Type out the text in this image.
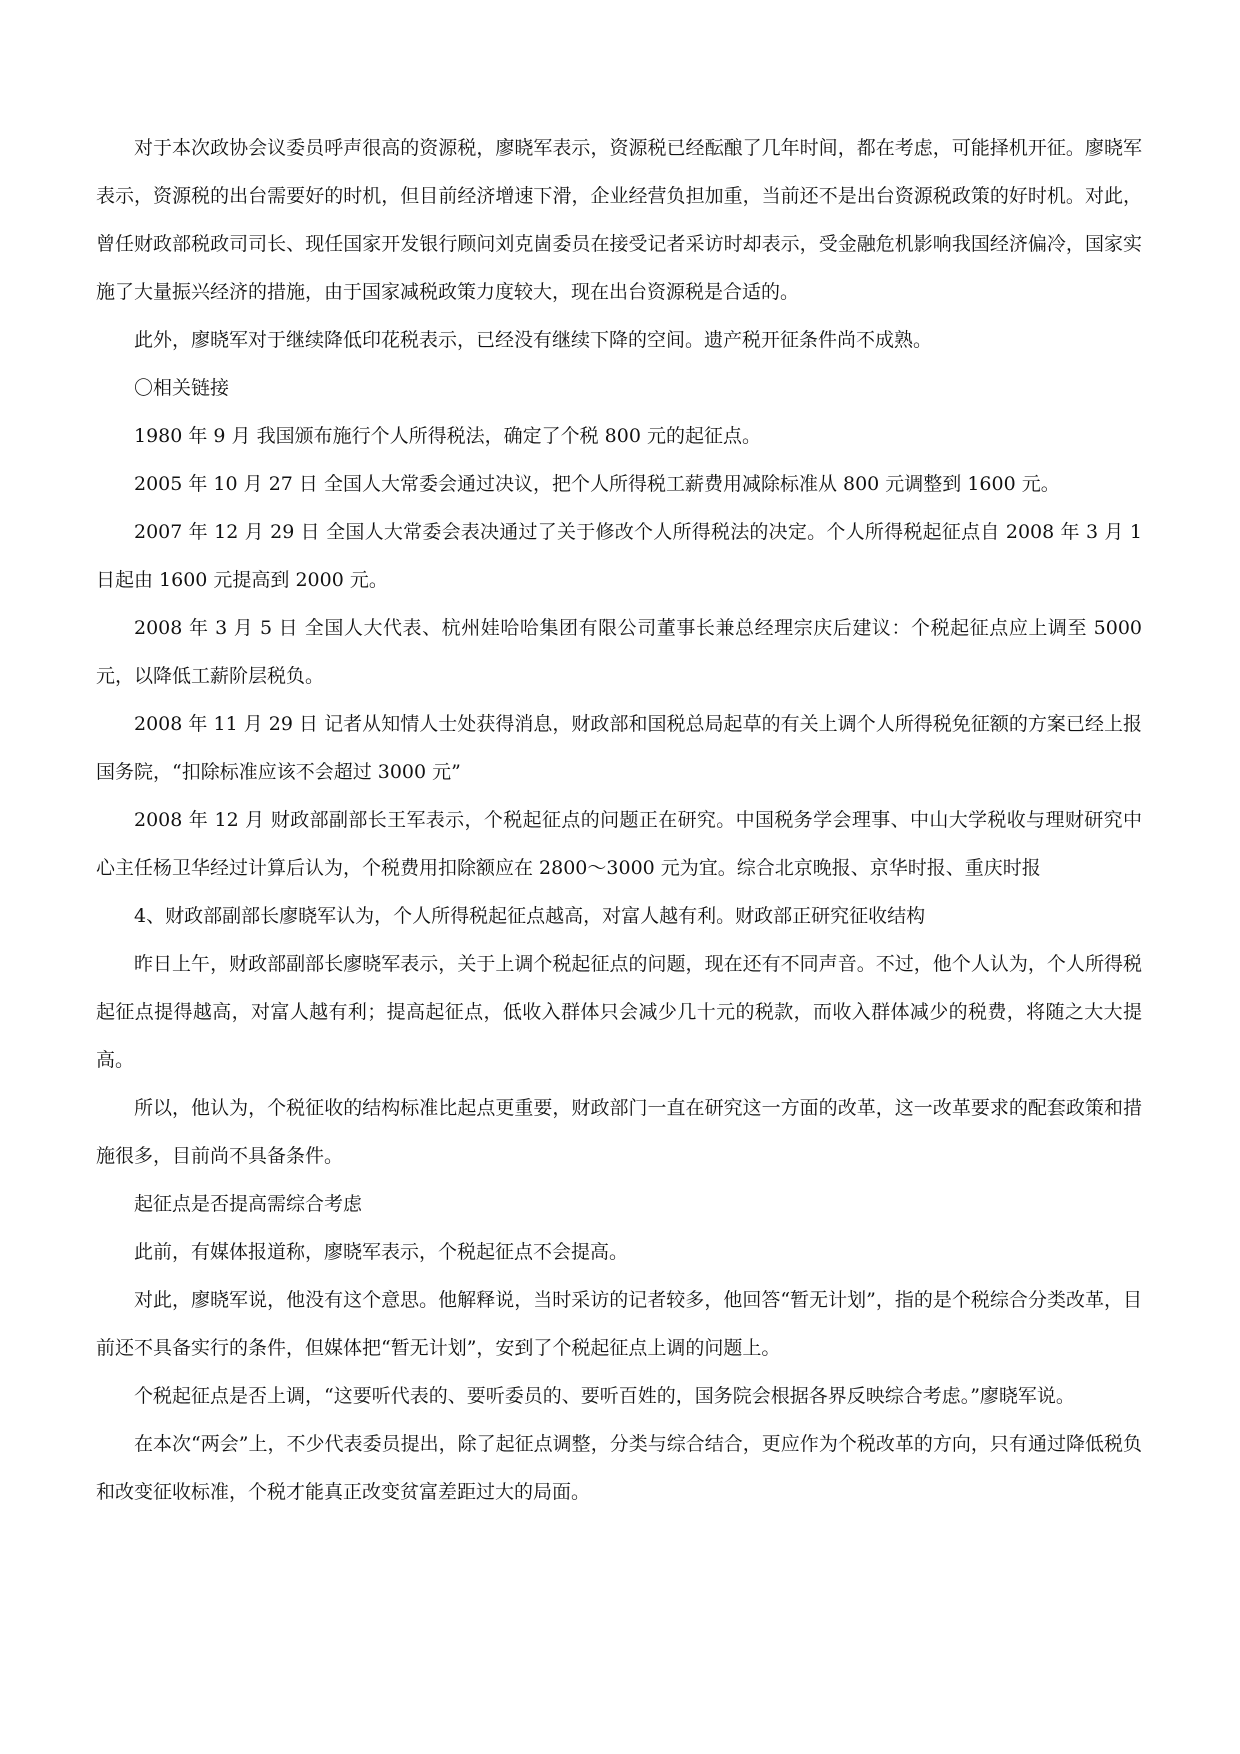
对于本次政协会议委员呼声很高的资源税，廖晓军表示，资源税已经酝酿了几年时间，都在考虑，可能择机开征。廖晓军表示，资源税的出台需要好的时机，但目前经济增速下滑，企业经营负担加重，当前还不是出台资源税政策的好时机。对此，曾任财政部税政司司长、现任国家开发银行顾问刘克崮委员在接受记者采访时却表示，受金融危机影响我国经济偏冷，国家实施了大量振兴经济的措施，由于国家减税政策力度较大，现在出台资源税是合适的。

此外，廖晓军对于继续降低印花税表示，已经没有继续下降的空间。遗产税开征条件尚不成熟。

〇相关链接

1980 年 9 月 我国颁布施行个人所得税法，确定了个税 800 元的起征点。

2005 年 10 月 27 日 全国人大常委会通过决议，把个人所得税工薪费用减除标准从 800 元调整到 1600 元。

2007 年 12 月 29 日 全国人大常委会表决通过了关于修改个人所得税法的决定。个人所得税起征点自 2008 年 3 月 1 日起由 1600 元提高到 2000 元。

2008 年 3 月 5 日 全国人大代表、杭州娃哈哈集团有限公司董事长兼总经理宗庆后建议：个税起征点应上调至 5000 元，以降低工薪阶层税负。

2008 年 11 月 29 日 记者从知情人士处获得消息，财政部和国税总局起草的有关上调个人所得税免征额的方案已经上报国务院，“扣除标准应该不会超过 3000 元”

2008 年 12 月 财政部副部长王军表示，个税起征点的问题正在研究。中国税务学会理事、中山大学税收与理财研究中心主任杨卫华经过计算后认为，个税费用扣除额应在 2800～3000 元为宜。综合北京晚报、京华时报、重庆时报

4、财政部副部长廖晓军认为，个人所得税起征点越高，对富人越有利。财政部正研究征收结构

昨日上午，财政部副部长廖晓军表示，关于上调个税起征点的问题，现在还有不同声音。不过，他个人认为，个人所得税起征点提得越高，对富人越有利；提高起征点，低收入群体只会减少几十元的税款，而收入群体减少的税费，将随之大大提高。

所以，他认为，个税征收的结构标准比起点更重要，财政部门一直在研究这一方面的改革，这一改革要求的配套政策和措施很多，目前尚不具备条件。

起征点是否提高需综合考虑

此前，有媒体报道称，廖晓军表示，个税起征点不会提高。

对此，廖晓军说，他没有这个意思。他解释说，当时采访的记者较多，他回答“暂无计划”，指的是个税综合分类改革，目前还不具备实行的条件，但媒体把“暂无计划”，安到了个税起征点上调的问题上。

个税起征点是否上调，“这要听代表的、要听委员的、要听百姓的，国务院会根据各界反映综合考虑。”廖晓军说。

在本次“两会”上，不少代表委员提出，除了起征点调整，分类与综合结合，更应作为个税改革的方向，只有通过降低税负和改变征收标准，个税才能真正改变贫富差距过大的局面。
